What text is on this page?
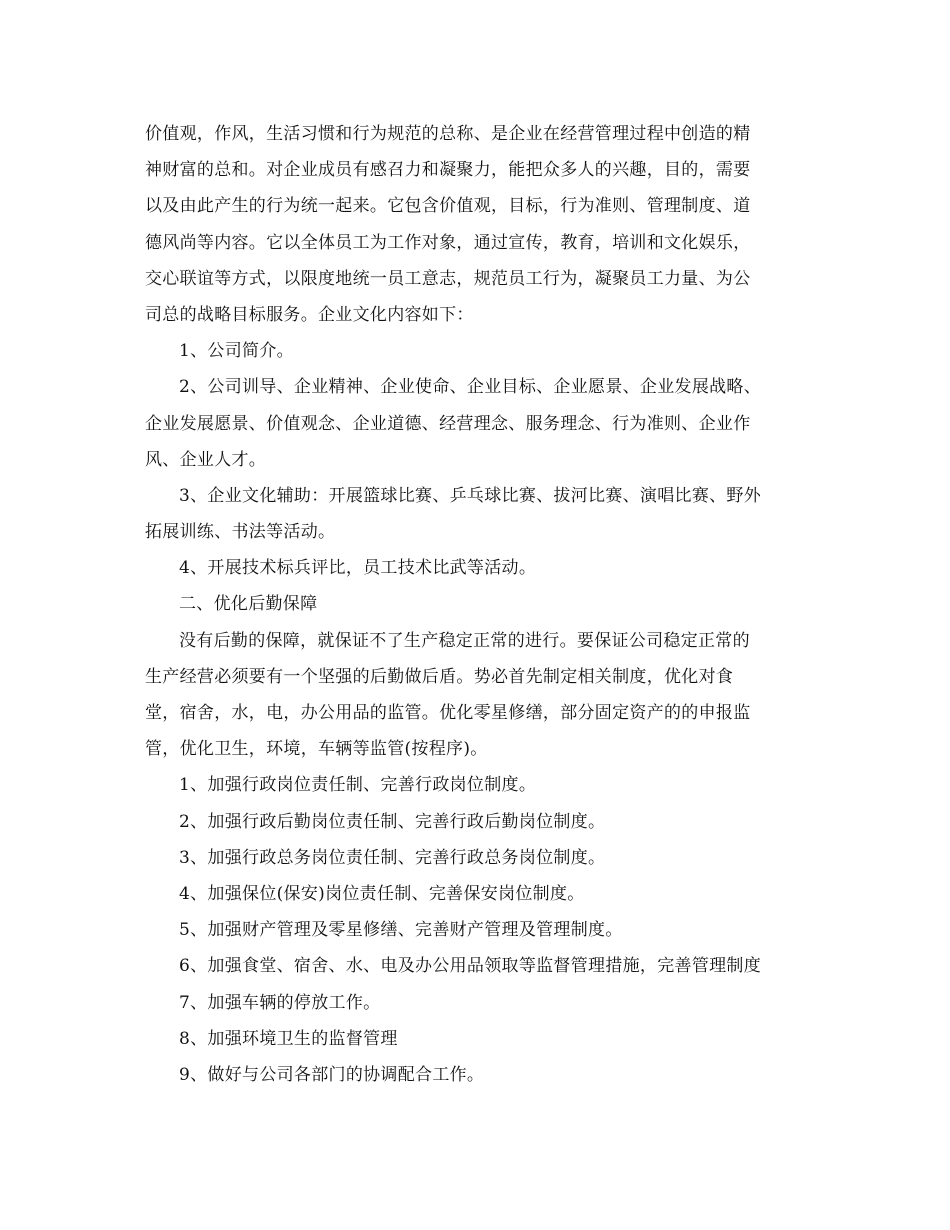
价值观，作风，生活习惯和行为规范的总称、是企业在经营管理过程中创造的精
神财富的总和。对企业成员有感召力和凝聚力，能把众多人的兴趣，目的，需要
以及由此产生的行为统一起来。它包含价值观，目标，行为准则、管理制度、道
德风尚等内容。它以全体员工为工作对象，通过宣传，教育，培训和文化娱乐，
交心联谊等方式，以限度地统一员工意志，规范员工行为，凝聚员工力量、为公
司总的战略目标服务。企业文化内容如下：
1、公司简介。
2、公司训导、企业精神、企业使命、企业目标、企业愿景、企业发展战略、
企业发展愿景、价值观念、企业道德、经营理念、服务理念、行为准则、企业作
风、企业人才。
3、企业文化辅助：开展篮球比赛、乒乓球比赛、拔河比赛、演唱比赛、野外
拓展训练、书法等活动。
4、开展技术标兵评比，员工技术比武等活动。
二、优化后勤保障
没有后勤的保障，就保证不了生产稳定正常的进行。要保证公司稳定正常的
生产经营必须要有一个坚强的后勤做后盾。势必首先制定相关制度，优化对食
堂，宿舍，水，电，办公用品的监管。优化零星修缮，部分固定资产的的申报监
管，优化卫生，环境，车辆等监管(按程序)。
1、加强行政岗位责任制、完善行政岗位制度。
2、加强行政后勤岗位责任制、完善行政后勤岗位制度。
3、加强行政总务岗位责任制、完善行政总务岗位制度。
4、加强保位(保安)岗位责任制、完善保安岗位制度。
5、加强财产管理及零星修缮、完善财产管理及管理制度。
6、加强食堂、宿舍、水、电及办公用品领取等监督管理措施，完善管理制度
7、加强车辆的停放工作。
8、加强环境卫生的监督管理
9、做好与公司各部门的协调配合工作。
